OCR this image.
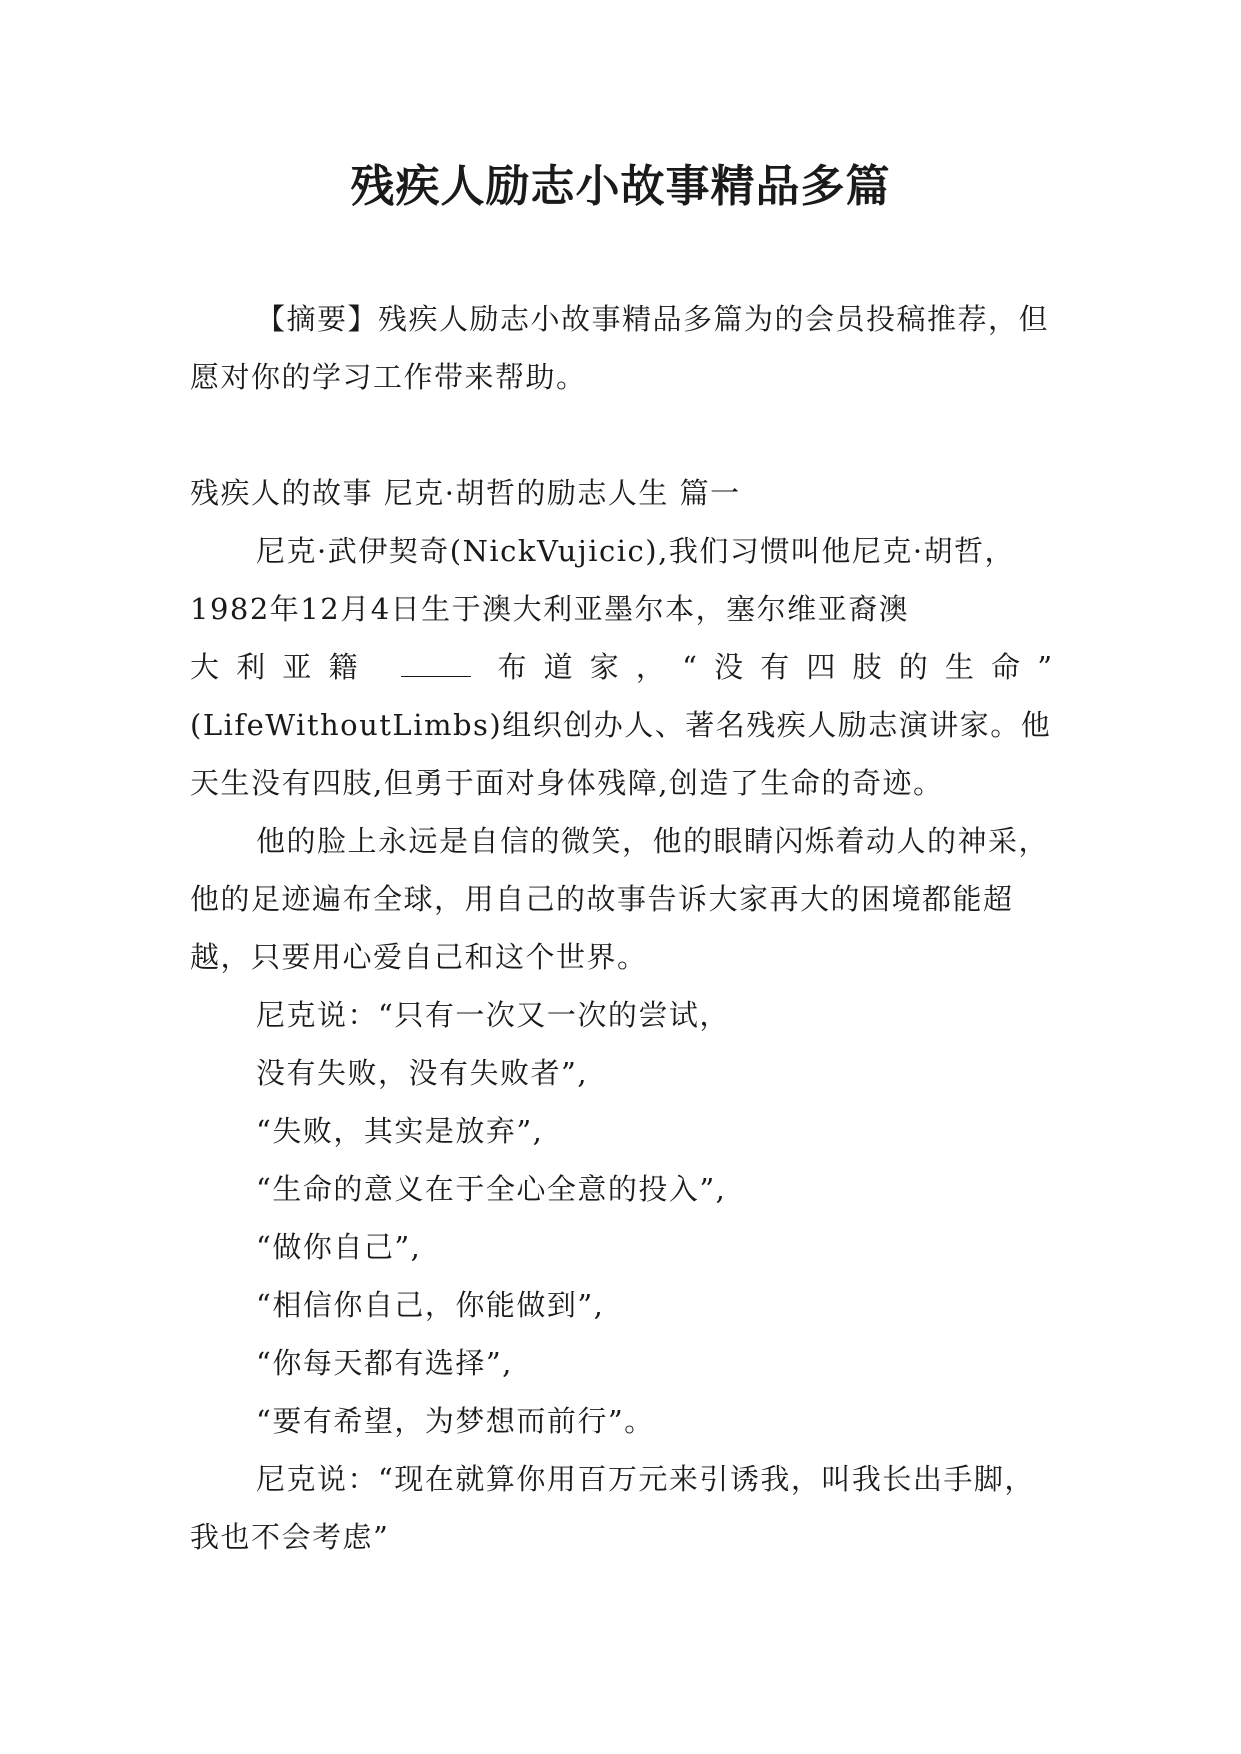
残疾人励志小故事精品多篇

【摘要】残疾人励志小故事精品多篇为的会员投稿推荐，但愿对你的学习工作带来帮助。

残疾人的故事 尼克·胡哲的励志人生 篇一

尼克·武伊契奇(NickVujicic),我们习惯叫他尼克·胡哲，1982年12月4日生于澳大利亚墨尔本，塞尔维亚裔澳

大利亚籍	布道家，“没有四肢的生命”

(LifeWithoutLimbs)组织创办人、著名残疾人励志演讲家。他天生没有四肢,但勇于面对身体残障,创造了生命的奇迹。

他的脸上永远是自信的微笑，他的眼睛闪烁着动人的神采，他的足迹遍布全球，用自己的故事告诉大家再大的困境都能超越，只要用心爱自己和这个世界。

尼克说：“只有一次又一次的尝试，

没有失败，没有失败者”,

“失败，其实是放弃”,

“生命的意义在于全心全意的投入”,

“做你自己”,

“相信你自己，你能做到”,

“你每天都有选择”,

“要有希望，为梦想而前行”。

尼克说：“现在就算你用百万元来引诱我，叫我长出手脚，我也不会考虑”
